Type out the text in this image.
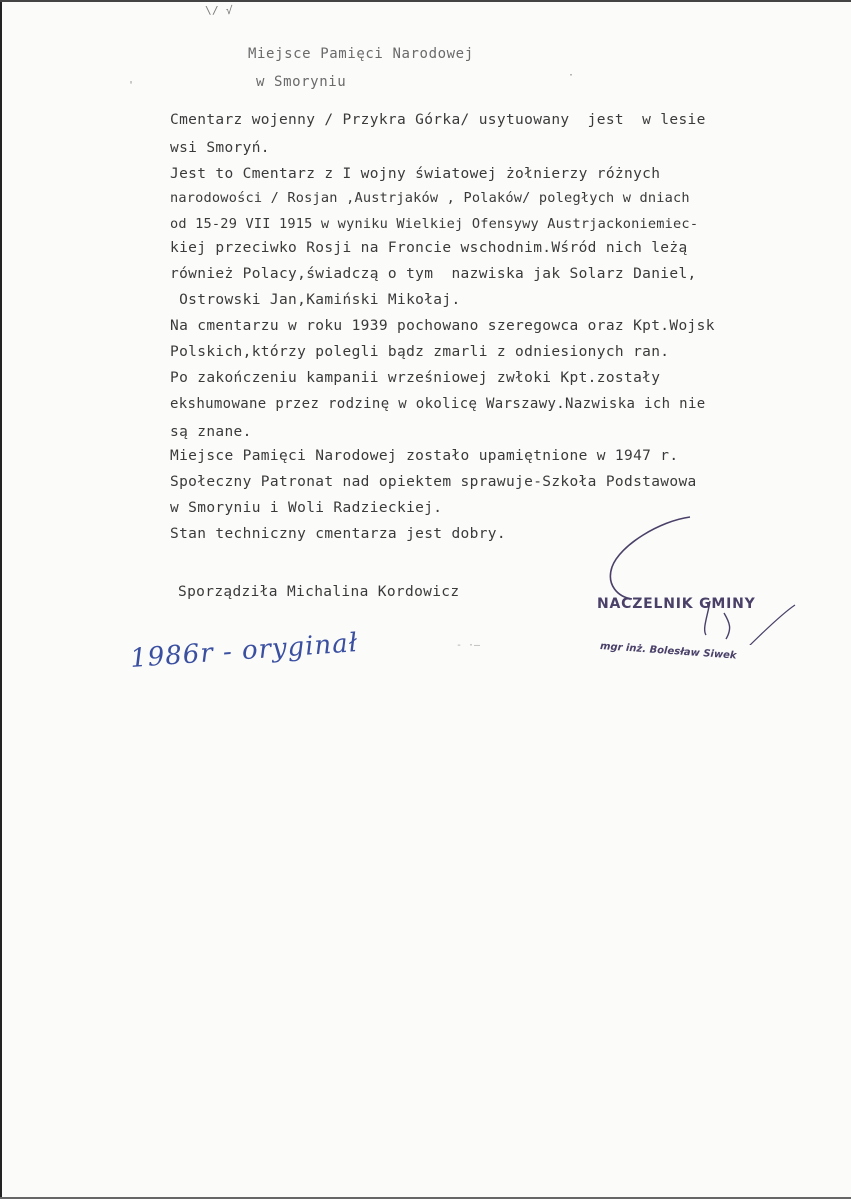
\/ √
Miejsce Pamięci Narodowej
w Smoryniu	·
'
Cmentarz wojenny / Przykra Górka/ usytuowany  jest  w lesie
wsi Smoryń.
Jest to Cmentarz z I wojny światowej żołnierzy różnych
narodowości / Rosjan ,Austrjaków , Polaków/ poległych w dniach
od 15-29 VII 1915 w wyniku Wielkiej Ofensywy Austrjackoniemiec-
kiej przeciwko Rosji na Froncie wschodnim.Wśród nich leżą
również Polacy,świadczą o tym  nazwiska jak Solarz Daniel,
Ostrowski Jan,Kamiński Mikołaj.
Na cmentarzu w roku 1939 pochowano szeregowca oraz Kpt.Wojsk
Polskich,którzy polegli bądz zmarli z odniesionych ran.
Po zakończeniu kampanii wrześniowej zwłoki Kpt.zostały
ekshumowane przez rodzinę w okolicę Warszawy.Nazwiska ich nie
są znane.
Miejsce Pamięci Narodowej zostało upamiętnione w 1947 r.
Społeczny Patronat nad opiektem sprawuje-Szkoła Podstawowa
w Smoryniu i Woli Radzieckiej.
Stan techniczny cmentarza jest dobry.
Sporządziła Michalina Kordowicz
NACZELNIK GMINY
mgr inż. Bolesław Siwek
1986r - oryginał	- ·—
